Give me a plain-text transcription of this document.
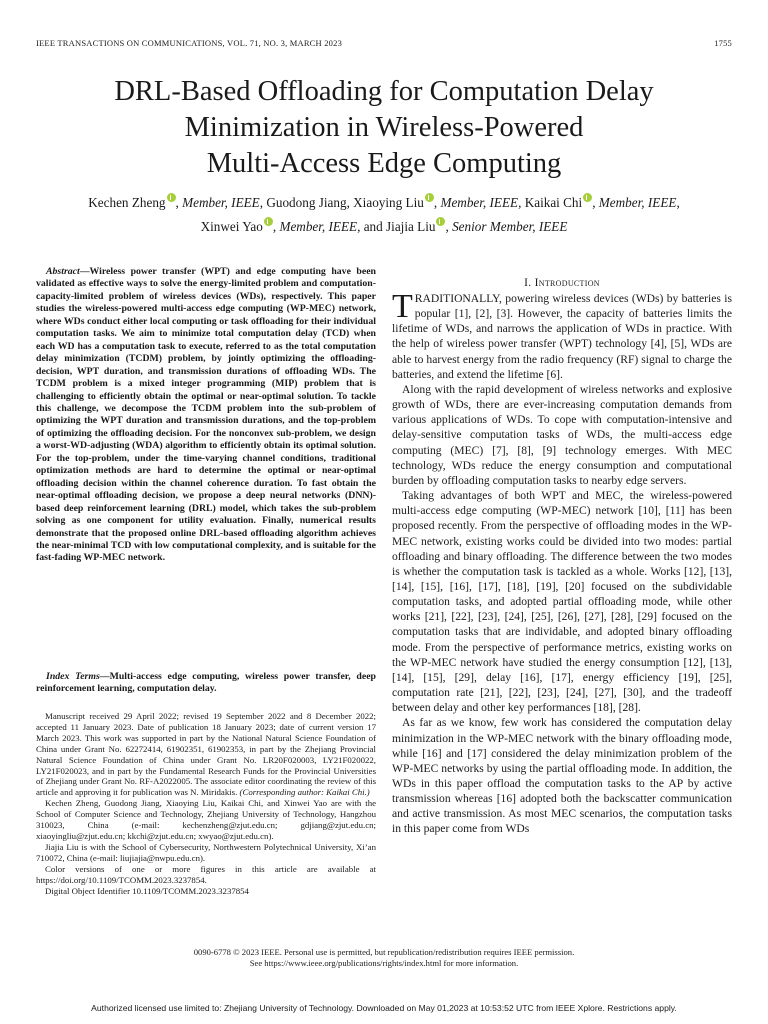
IEEE TRANSACTIONS ON COMMUNICATIONS, VOL. 71, NO. 3, MARCH 2023	1755
DRL-Based Offloading for Computation Delay
Minimization in Wireless-Powered
Multi-Access Edge Computing
Kechen Zheng , Member, IEEE, Guodong Jiang, Xiaoying Liu , Member, IEEE, Kaikai Chi , Member, IEEE,
Xinwei Yao , Member, IEEE, and Jiajia Liu , Senior Member, IEEE
Abstract—Wireless power transfer (WPT) and edge computing have been validated as effective ways to solve the energy-limited problem and computation-capacity-limited problem of wireless devices (WDs), respectively. This paper studies the wireless-powered multi-access edge computing (WP-MEC) network, where WDs conduct either local computing or task offloading for their individual computation tasks. We aim to minimize total computation delay (TCD) when each WD has a computation task to execute, referred to as the total computation delay minimization (TCDM) problem, by jointly optimizing the offloading-decision, WPT duration, and transmission durations of offloading WDs. The TCDM problem is a mixed integer programming (MIP) problem that is challenging to efficiently obtain the optimal or near-optimal solution. To tackle this challenge, we decompose the TCDM problem into the sub-problem of optimizing the WPT duration and transmission durations, and the top-problem of optimizing the offloading decision. For the nonconvex sub-problem, we design a worst-WD-adjusting (WDA) algorithm to efficiently obtain its optimal solution. For the top-problem, under the time-varying channel conditions, traditional optimization methods are hard to determine the optimal or near-optimal offloading decision within the channel coherence duration. To fast obtain the near-optimal offloading decision, we propose a deep neural networks (DNN)-based deep reinforcement learning (DRL) model, which takes the sub-problem solving as one component for utility evaluation. Finally, numerical results demonstrate that the proposed online DRL-based offloading algorithm achieves the near-minimal TCD with low computational complexity, and is suitable for the fast-fading WP-MEC network.
Index Terms—Multi-access edge computing, wireless power transfer, deep reinforcement learning, computation delay.

Manuscript received 29 April 2022; revised 19 September 2022 and 8 December 2022; accepted 11 January 2023. Date of publication 18 January 2023; date of current version 17 March 2023. This work was supported in part by the National Natural Science Foundation of China under Grant No. 62272414, 61902351, 61902353, in part by the Zhejiang Provincial Natural Science Foundation of China under Grant No. LR20F020003, LY21F020022, LY21F020023, and in part by the Fundamental Research Funds for the Provincial Universities of Zhejiang under Grant No. RF-A2022005. The associate editor coordinating the review of this article and approving it for publication was N. Miridakis. (Corresponding author: Kaikai Chi.)

Kechen Zheng, Guodong Jiang, Xiaoying Liu, Kaikai Chi, and Xinwei Yao are with the School of Computer Science and Technology, Zhejiang University of Technology, Hangzhou 310023, China (e-mail: kechenzheng@zjut.edu.cn; gdjiang@zjut.edu.cn; xiaoyingliu@zjut.edu.cn; kkchi@zjut.edu.cn; xwyao@zjut.edu.cn).

Jiajia Liu is with the School of Cybersecurity, Northwestern Polytechnical University, Xi’an 710072, China (e-mail: liujiajia@nwpu.edu.cn).

Color versions of one or more figures in this article are available at https://doi.org/10.1109/TCOMM.2023.3237854.

Digital Object Identifier 10.1109/TCOMM.2023.3237854

I. Introduction

TRADITIONALLY, powering wireless devices (WDs) by batteries is popular [1], [2], [3]. However, the capacity of batteries limits the lifetime of WDs, and narrows the application of WDs in practice. With the help of wireless power transfer (WPT) technology [4], [5], WDs are able to harvest energy from the radio frequency (RF) signal to charge the batteries, and extend the lifetime [6].

Along with the rapid development of wireless networks and explosive growth of WDs, there are ever-increasing computation demands from various applications of WDs. To cope with computation-intensive and delay-sensitive computation tasks of WDs, the multi-access edge computing (MEC) [7], [8], [9] technology emerges. With MEC technology, WDs reduce the energy consumption and computational burden by offloading computation tasks to nearby edge servers.

Taking advantages of both WPT and MEC, the wireless-powered multi-access edge computing (WP-MEC) network [10], [11] has been proposed recently. From the perspective of offloading modes in the WP-MEC network, existing works could be divided into two modes: partial offloading and binary offloading. The difference between the two modes is whether the computation task is tackled as a whole. Works [12], [13], [14], [15], [16], [17], [18], [19], [20] focused on the subdividable computation tasks, and adopted partial offloading mode, while other works [21], [22], [23], [24], [25], [26], [27], [28], [29] focused on the computation tasks that are individable, and adopted binary offloading mode. From the perspective of performance metrics, existing works on the WP-MEC network have studied the energy consumption [12], [13], [14], [15], [29], delay [16], [17], energy efficiency [19], [25], computation rate [21], [22], [23], [24], [27], [30], and the tradeoff between delay and other key performances [18], [28].

As far as we know, few work has considered the computation delay minimization in the WP-MEC network with the binary offloading mode, while [16] and [17] considered the delay minimization problem of the WP-MEC networks by using the partial offloading mode. In addition, the WDs in this paper offload the computation tasks to the AP by active transmission whereas [16] adopted both the backscatter communication and active transmission. As most MEC scenarios, the computation tasks in this paper come from WDs

0090-6778 © 2023 IEEE. Personal use is permitted, but republication/redistribution requires IEEE permission.
See https://www.ieee.org/publications/rights/index.html for more information.
Authorized licensed use limited to: Zhejiang University of Technology. Downloaded on May 01,2023 at 10:53:52 UTC from IEEE Xplore. Restrictions apply.
